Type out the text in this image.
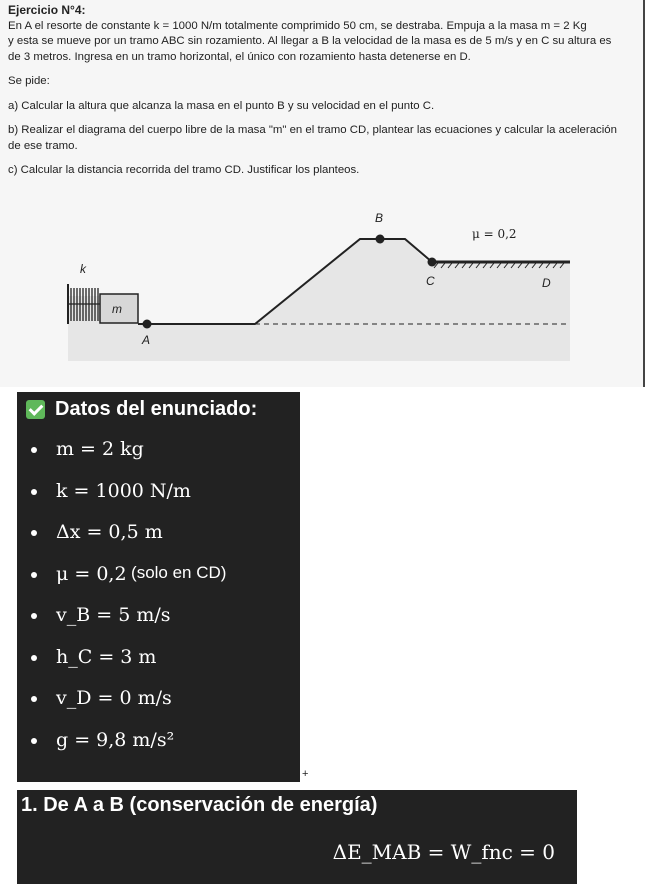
Ejercicio N°4:

En A el resorte de constante k = 1000 N/m totalmente comprimido 50 cm, se destraba. Empuja a la masa m = 2 Kg

y esta se mueve por un tramo ABC sin rozamiento. Al llegar a B la velocidad de la masa es de 5 m/s y en C su altura es

de 3 metros. Ingresa en un tramo horizontal, el único con rozamiento hasta detenerse en D.

Se pide:

a) Calcular la altura que alcanza la masa en el punto B y su velocidad en el punto C.

b) Realizar el diagrama del cuerpo libre de la masa "m" en el tramo CD, plantear las ecuaciones y calcular la aceleración

de ese tramo.

c) Calcular la distancia recorrida del tramo CD. Justificar los planteos.

B
μ = 0,2
k
C	D
m
A
Datos del enunciado:
m = 2 kg
k = 1000 N/m
Δx = 0,5 m
μ = 0,2
(solo en CD)
v_B = 5 m/s
h_C = 3 m
v_D = 0 m/s
g = 9,8 m/s²
+
1. De A a B (conservación de energía)
ΔE_MAB = W_fnc = 0
